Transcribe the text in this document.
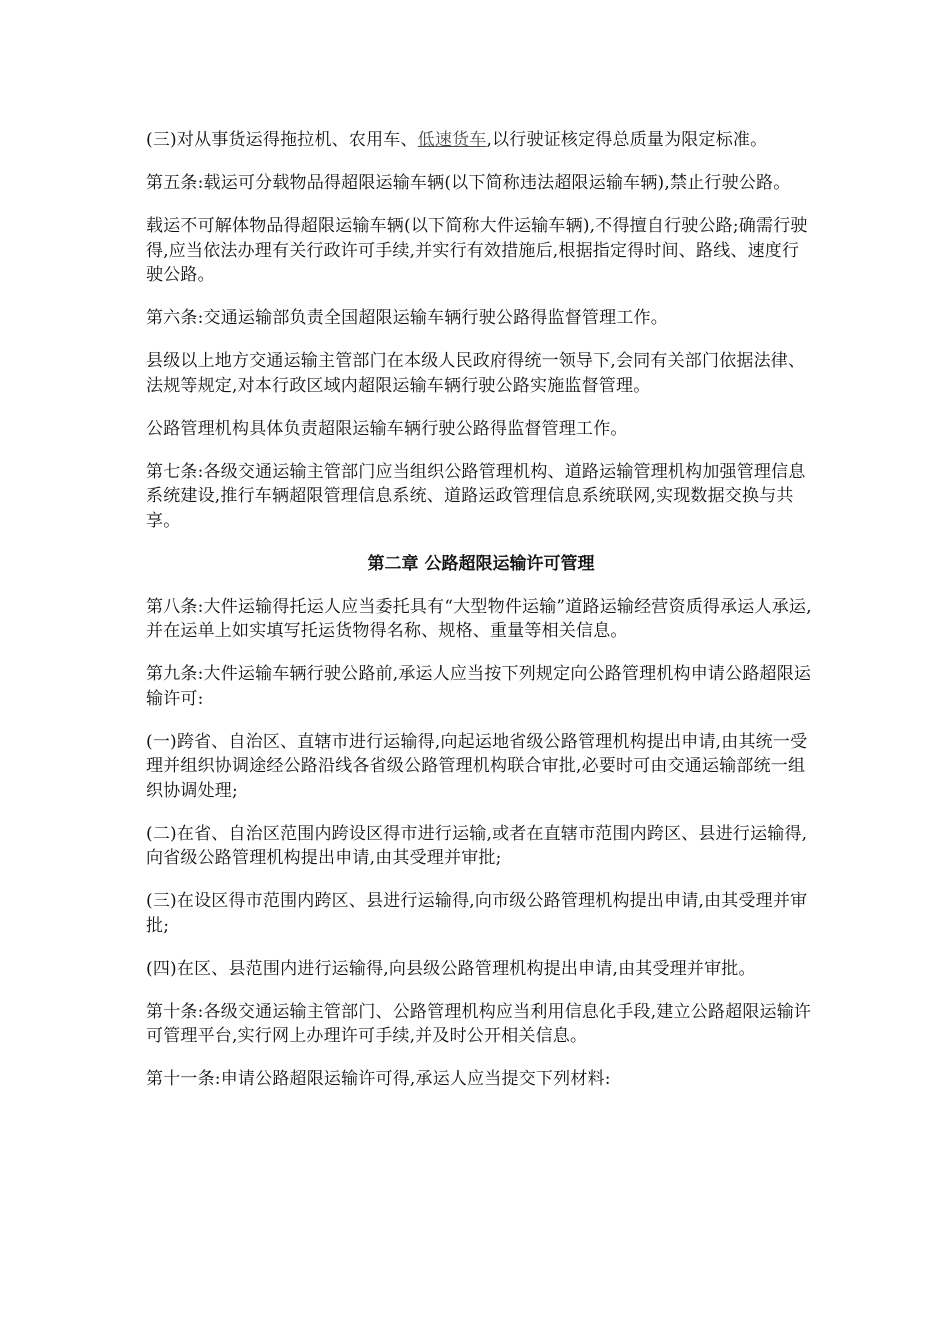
(三)对从事货运得拖拉机、农用车、低速货车,以行驶证核定得总质量为限定标准。

第五条:载运可分载物品得超限运输车辆(以下简称违法超限运输车辆),禁止行驶公路。

载运不可解体物品得超限运输车辆(以下简称大件运输车辆),不得擅自行驶公路;确需行驶得,应当依法办理有关行政许可手续,并实行有效措施后,根据指定得时间、路线、速度行驶公路。

第六条:交通运输部负责全国超限运输车辆行驶公路得监督管理工作。

县级以上地方交通运输主管部门在本级人民政府得统一领导下,会同有关部门依据法律、法规等规定,对本行政区域内超限运输车辆行驶公路实施监督管理。

公路管理机构具体负责超限运输车辆行驶公路得监督管理工作。

第七条:各级交通运输主管部门应当组织公路管理机构、道路运输管理机构加强管理信息系统建设,推行车辆超限管理信息系统、道路运政管理信息系统联网,实现数据交换与共享。

第二章 公路超限运输许可管理

第八条:大件运输得托运人应当委托具有“大型物件运输”道路运输经营资质得承运人承运,并在运单上如实填写托运货物得名称、规格、重量等相关信息。

第九条:大件运输车辆行驶公路前,承运人应当按下列规定向公路管理机构申请公路超限运输许可:

(一)跨省、自治区、直辖市进行运输得,向起运地省级公路管理机构提出申请,由其统一受理并组织协调途经公路沿线各省级公路管理机构联合审批,必要时可由交通运输部统一组织协调处理;

(二)在省、自治区范围内跨设区得市进行运输,或者在直辖市范围内跨区、县进行运输得,向省级公路管理机构提出申请,由其受理并审批;

(三)在设区得市范围内跨区、县进行运输得,向市级公路管理机构提出申请,由其受理并审批;

(四)在区、县范围内进行运输得,向县级公路管理机构提出申请,由其受理并审批。

第十条:各级交通运输主管部门、公路管理机构应当利用信息化手段,建立公路超限运输许可管理平台,实行网上办理许可手续,并及时公开相关信息。

第十一条:申请公路超限运输许可得,承运人应当提交下列材料:
